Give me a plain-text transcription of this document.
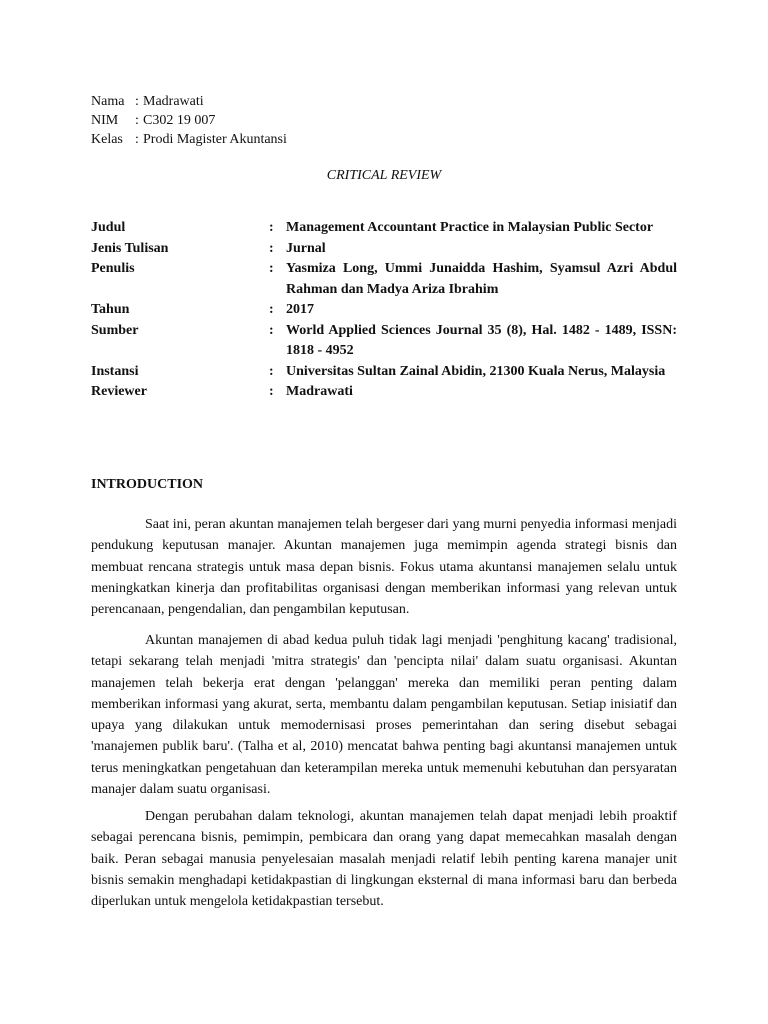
Nama : Madrawati
NIM	: C302 19 007
Kelas : Prodi Magister Akuntansi
CRITICAL REVIEW
Judul	: Management Accountant Practice in Malaysian Public Sector
Jenis Tulisan	: Jurnal
Penulis	: Yasmiza Long, Ummi Junaidda Hashim, Syamsul Azri Abdul Rahman dan Madya Ariza Ibrahim
Tahun	: 2017
Sumber	: World Applied Sciences Journal 35 (8), Hal. 1482 - 1489, ISSN: 1818 - 4952
Instansi	: Universitas Sultan Zainal Abidin, 21300 Kuala Nerus, Malaysia
Reviewer	: Madrawati
INTRODUCTION

Saat ini, peran akuntan manajemen telah bergeser dari yang murni penyedia informasi menjadi pendukung keputusan manajer. Akuntan manajemen juga memimpin agenda strategi bisnis dan membuat rencana strategis untuk masa depan bisnis. Fokus utama akuntansi manajemen selalu untuk meningkatkan kinerja dan profitabilitas organisasi dengan memberikan informasi yang relevan untuk perencanaan, pengendalian, dan pengambilan keputusan.

Akuntan manajemen di abad kedua puluh tidak lagi menjadi 'penghitung kacang' tradisional, tetapi sekarang telah menjadi 'mitra strategis' dan 'pencipta nilai' dalam suatu organisasi. Akuntan manajemen telah bekerja erat dengan 'pelanggan' mereka dan memiliki peran penting dalam memberikan informasi yang akurat, serta, membantu dalam pengambilan keputusan. Setiap inisiatif dan upaya yang dilakukan untuk memodernisasi proses pemerintahan dan sering disebut sebagai 'manajemen publik baru'. (Talha et al, 2010) mencatat bahwa penting bagi akuntansi manajemen untuk terus meningkatkan pengetahuan dan keterampilan mereka untuk memenuhi kebutuhan dan persyaratan manajer dalam suatu organisasi.

Dengan perubahan dalam teknologi, akuntan manajemen telah dapat menjadi lebih proaktif sebagai perencana bisnis, pemimpin, pembicara dan orang yang dapat memecahkan masalah dengan baik. Peran sebagai manusia penyelesaian masalah menjadi relatif lebih penting karena manajer unit bisnis semakin menghadapi ketidakpastian di lingkungan eksternal di mana informasi baru dan berbeda diperlukan untuk mengelola ketidakpastian tersebut.
